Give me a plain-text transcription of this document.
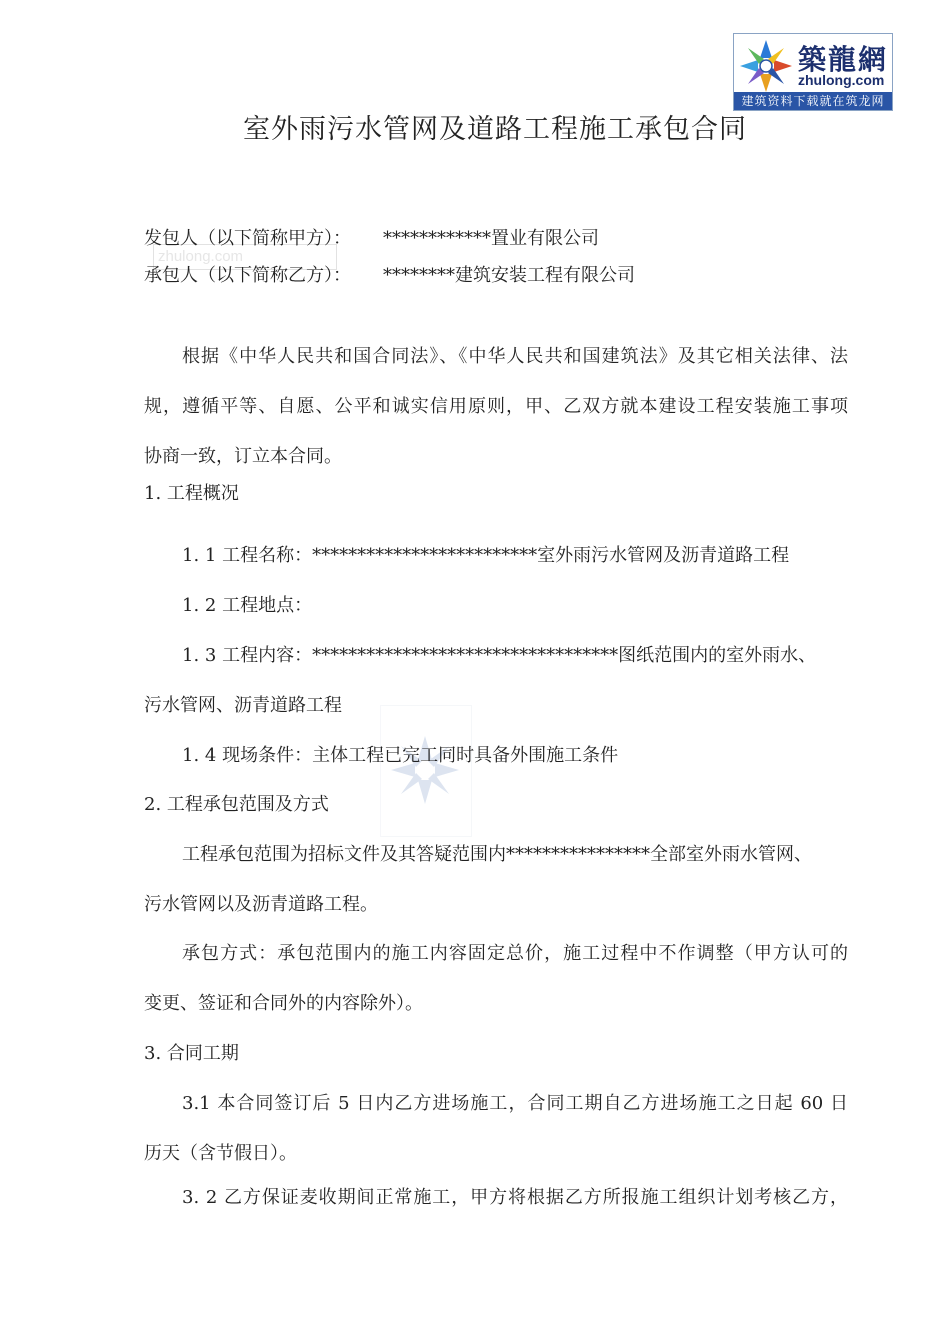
築龍網
zhulong.com
建筑资料下载就在筑龙网
zhulong.com
室外雨污水管网及道路工程施工承包合同
发包人（以下简称甲方）： ************置业有限公司
承包人（以下简称乙方）： ********建筑安装工程有限公司
根据《中华人民共和国合同法》、《中华人民共和国建筑法》及其它相关法律、法
规，遵循平等、自愿、公平和诚实信用原则，甲、乙双方就本建设工程安装施工事项
协商一致，订立本合同。
1. 工程概况
1. 1 工程名称：*************************室外雨污水管网及沥青道路工程
1. 2 工程地点：
1. 3 工程内容：**********************************图纸范围内的室外雨水、
污水管网、沥青道路工程
1. 4 现场条件：主体工程已完工同时具备外围施工条件
2. 工程承包范围及方式
工程承包范围为招标文件及其答疑范围内****************全部室外雨水管网、
污水管网以及沥青道路工程。
承包方式：承包范围内的施工内容固定总价，施工过程中不作调整（甲方认可的
变更、签证和合同外的内容除外）。
3. 合同工期
3.1 本合同签订后 5 日内乙方进场施工，合同工期自乙方进场施工之日起 60 日
历天（含节假日）。
3. 2 乙方保证麦收期间正常施工，甲方将根据乙方所报施工组织计划考核乙方，
